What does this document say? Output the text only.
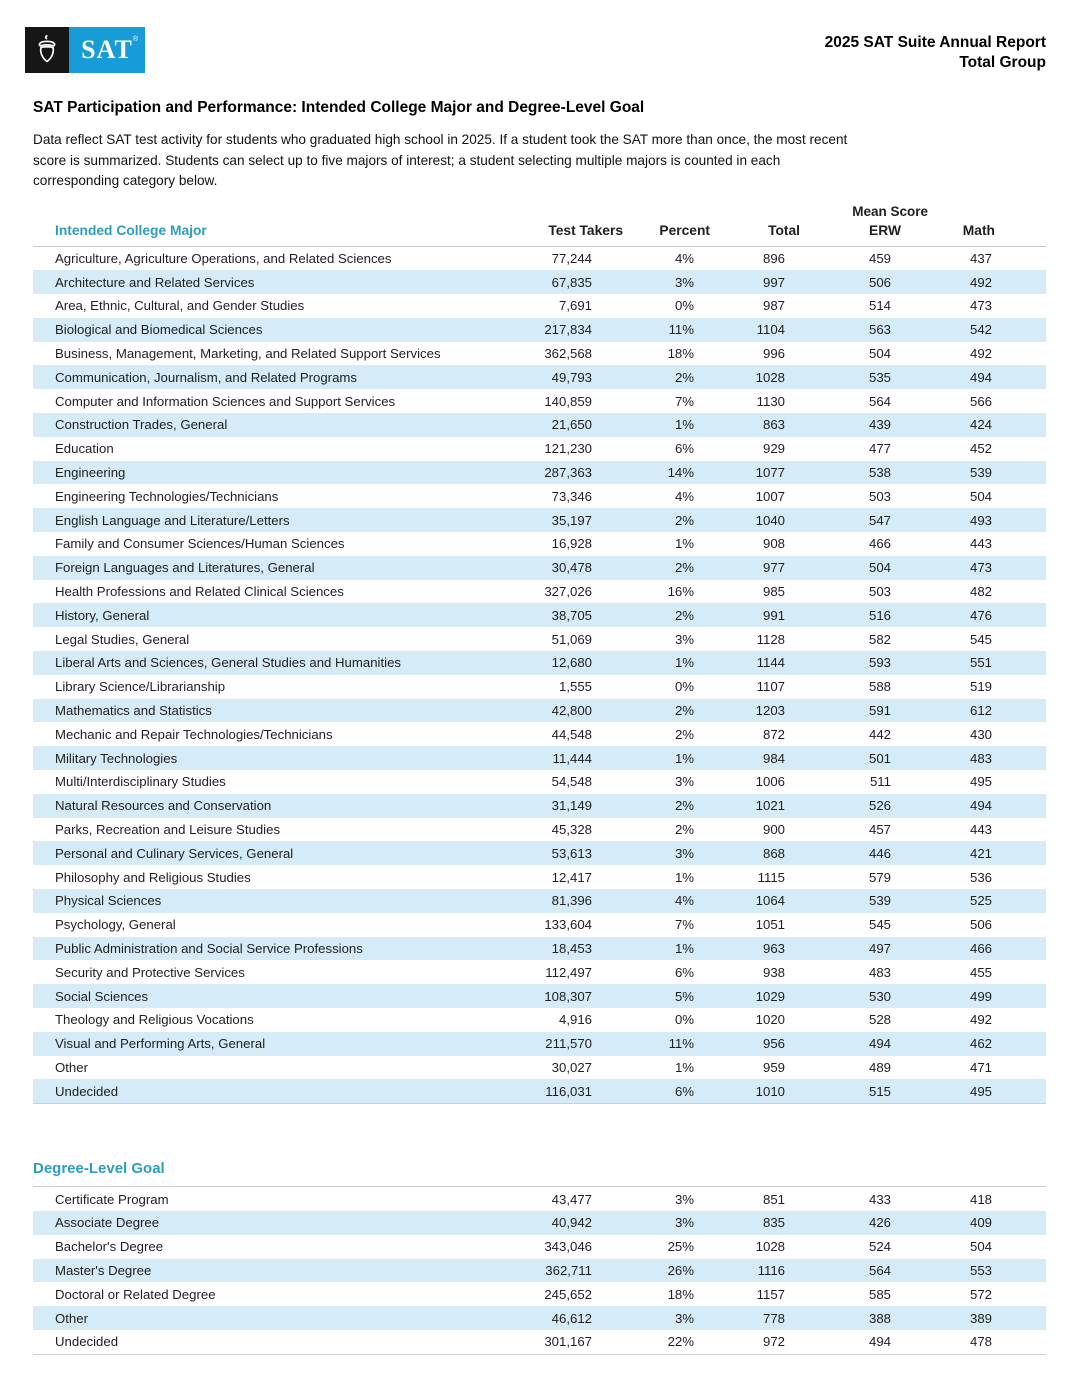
SAT®	2025 SAT Suite Annual Report
Total Group
SAT Participation and Performance: Intended College Major and Degree-Level Goal
Data reflect SAT test activity for students who graduated high school in 2025. If a student took the SAT more than once, the most recent
score is summarized. Students can select up to five majors of interest; a student selecting multiple majors is counted in each
corresponding category below.
Mean Score
Intended College Major	Test Takers	Percent	Total	ERW	Math
Agriculture, Agriculture Operations, and Related Sciences	77,244	4%	896	459	437
Architecture and Related Services	67,835	3%	997	506	492
Area, Ethnic, Cultural, and Gender Studies	7,691	0%	987	514	473
Biological and Biomedical Sciences	217,834	11%	1104	563	542
Business, Management, Marketing, and Related Support Services	362,568	18%	996	504	492
Communication, Journalism, and Related Programs	49,793	2%	1028	535	494
Computer and Information Sciences and Support Services	140,859	7%	1130	564	566
Construction Trades, General	21,650	1%	863	439	424
Education	121,230	6%	929	477	452
Engineering	287,363	14%	1077	538	539
Engineering Technologies/Technicians	73,346	4%	1007	503	504
English Language and Literature/Letters	35,197	2%	1040	547	493
Family and Consumer Sciences/Human Sciences	16,928	1%	908	466	443
Foreign Languages and Literatures, General	30,478	2%	977	504	473
Health Professions and Related Clinical Sciences	327,026	16%	985	503	482
History, General	38,705	2%	991	516	476
Legal Studies, General	51,069	3%	1128	582	545
Liberal Arts and Sciences, General Studies and Humanities	12,680	1%	1144	593	551
Library Science/Librarianship	1,555	0%	1107	588	519
Mathematics and Statistics	42,800	2%	1203	591	612
Mechanic and Repair Technologies/Technicians	44,548	2%	872	442	430
Military Technologies	11,444	1%	984	501	483
Multi/Interdisciplinary Studies	54,548	3%	1006	511	495
Natural Resources and Conservation	31,149	2%	1021	526	494
Parks, Recreation and Leisure Studies	45,328	2%	900	457	443
Personal and Culinary Services, General	53,613	3%	868	446	421
Philosophy and Religious Studies	12,417	1%	1115	579	536
Physical Sciences	81,396	4%	1064	539	525
Psychology, General	133,604	7%	1051	545	506
Public Administration and Social Service Professions	18,453	1%	963	497	466
Security and Protective Services	112,497	6%	938	483	455
Social Sciences	108,307	5%	1029	530	499
Theology and Religious Vocations	4,916	0%	1020	528	492
Visual and Performing Arts, General	211,570	11%	956	494	462
Other	30,027	1%	959	489	471
Undecided	116,031	6%	1010	515	495
Degree-Level Goal
Certificate Program	43,477	3%	851	433	418
Associate Degree	40,942	3%	835	426	409
Bachelor's Degree	343,046	25%	1028	524	504
Master's Degree	362,711	26%	1116	564	553
Doctoral or Related Degree	245,652	18%	1157	585	572
Other	46,612	3%	778	388	389
Undecided	301,167	22%	972	494	478
